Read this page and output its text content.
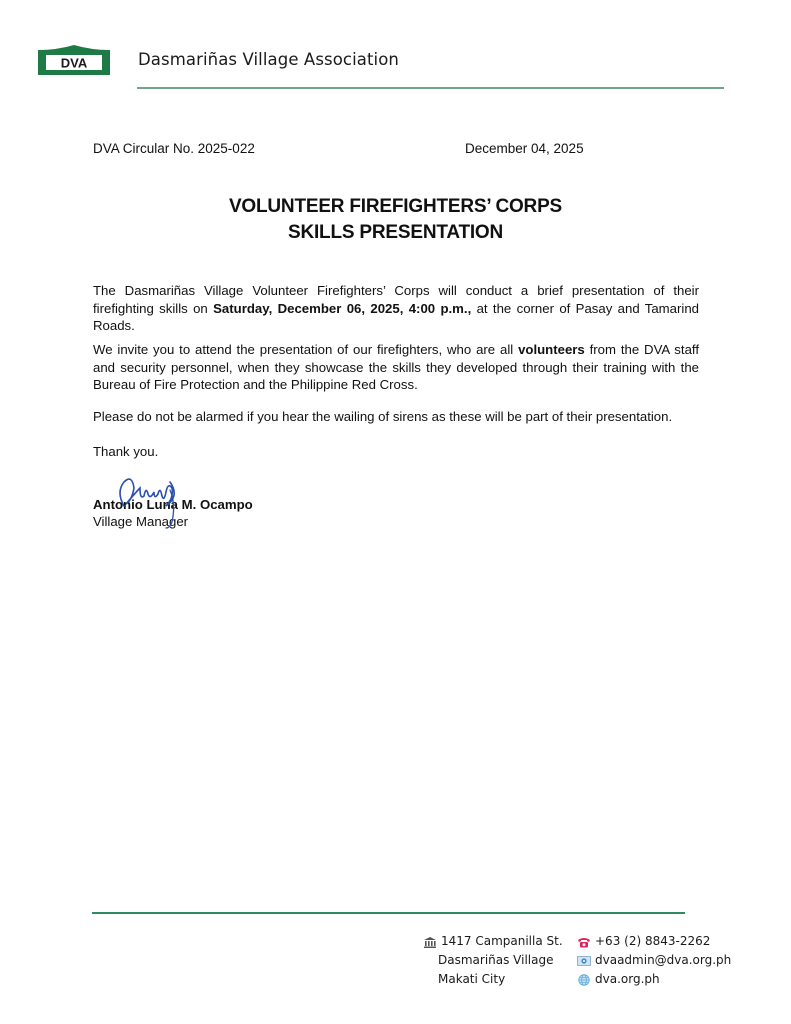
DVA	Dasmariñas Village Association
DVA Circular No. 2025-022	December 04, 2025
VOLUNTEER FIREFIGHTERS’ CORPS
SKILLS PRESENTATION
The Dasmariñas Village Volunteer Firefighters’ Corps will conduct a brief presentation of their firefighting skills on Saturday, December 06, 2025, 4:00 p.m., at the corner of Pasay and Tamarind Roads.
We invite you to attend the presentation of our firefighters, who are all volunteers from the DVA staff and security personnel, when they showcase the skills they developed through their training with the Bureau of Fire Protection and the Philippine Red Cross.
Please do not be alarmed if you hear the wailing of sirens as these will be part of their presentation.
Thank you.
Antonio Luna M. Ocampo
Village Manager
1417 Campanilla St.
Dasmariñas Village
Makati City
+63 (2) 8843-2262
dvaadmin@dva.org.ph
dva.org.ph
